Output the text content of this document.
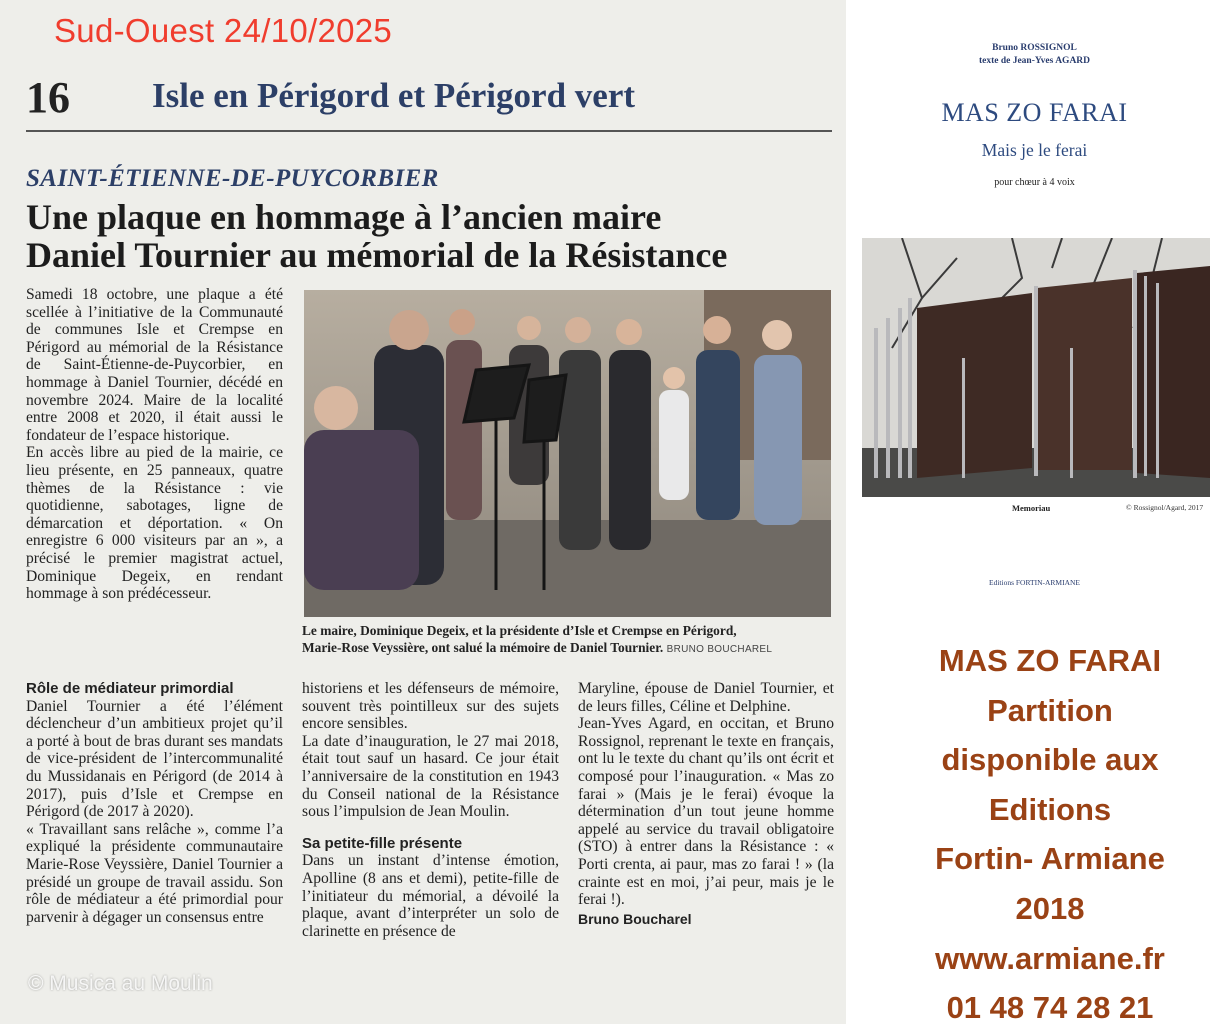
Sud-Ouest 24/10/2025
16 Isle en Périgord et Périgord vert
SAINT-ÉTIENNE-DE-PUYCORBIER
Une plaque en hommage à l’ancien maire
Daniel Tournier au mémorial de la Résistance

Samedi 18 octobre, une plaque a été scellée à l’initiative de la Communauté de communes Isle et Crempse en Périgord au mémorial de la Résistance de Saint-Étienne-de-Puycorbier, en hommage à Daniel Tournier, décédé en novembre 2024. Maire de la localité entre 2008 et 2020, il était aussi le fondateur de l’espace historique.

En accès libre au pied de la mairie, ce lieu présente, en 25 panneaux, quatre thèmes de la Résistance : vie quotidienne, sabotages, ligne de démarcation et déportation. « On enregistre 6 000 visiteurs par an », a précisé le premier magistrat actuel, Dominique Degeix, en rendant hommage à son prédécesseur.

Rôle de médiateur primordial

Daniel Tournier a été l’élément déclencheur d’un ambitieux projet qu’il a porté à bout de bras durant ses mandats de vice-président de l’intercommunalité du Mussidanais en Périgord (de 2014 à 2017), puis d’Isle et Crempse en Périgord (de 2017 à 2020).

« Travaillant sans relâche », comme l’a expliqué la présidente communautaire Marie-Rose Veyssière, Daniel Tournier a présidé un groupe de travail assidu. Son rôle de médiateur a été primordial pour parvenir à dégager un consensus entre

historiens et les défenseurs de mémoire, souvent très pointilleux sur des sujets encore sensibles.

La date d’inauguration, le 27 mai 2018, était tout sauf un hasard. Ce jour était l’anniversaire de la constitution en 1943 du Conseil national de la Résistance sous l’impulsion de Jean Moulin.

Sa petite-fille présente

Dans un instant d’intense émotion, Apolline (8 ans et demi), petite-fille de l’initiateur du mémorial, a dévoilé la plaque, avant d’interpréter un solo de clarinette en présence de

Maryline, épouse de Daniel Tournier, et de leurs filles, Céline et Delphine.

Jean-Yves Agard, en occitan, et Bruno Rossignol, reprenant le texte en français, ont lu le texte du chant qu’ils ont écrit et composé pour l’inauguration. « Mas zo farai » (Mais je le ferai) évoque la détermination d’un tout jeune homme appelé au service du travail obligatoire (STO) à entrer dans la Résistance : « Porti crenta, ai paur, mas zo farai ! » (la crainte est en moi, j’ai peur, mais je le ferai !).

Bruno Boucharel
Le maire, Dominique Degeix, et la présidente d’Isle et Crempse en Périgord,
Marie-Rose Veyssière, ont salué la mémoire de Daniel Tournier. BRUNO BOUCHAREL
© Musica au Moulin
Bruno ROSSIGNOL
texte de Jean-Yves AGARD
MAS ZO FARAI
Mais je le ferai
pour chœur à 4 voix
Memoriau	© Rossignol/Agard, 2017
Editions FORTIN-ARMIANE
MAS ZO FARAI
Partition
disponible aux
Editions
Fortin- Armiane
2018
www.armiane.fr
01 48 74 28 21
